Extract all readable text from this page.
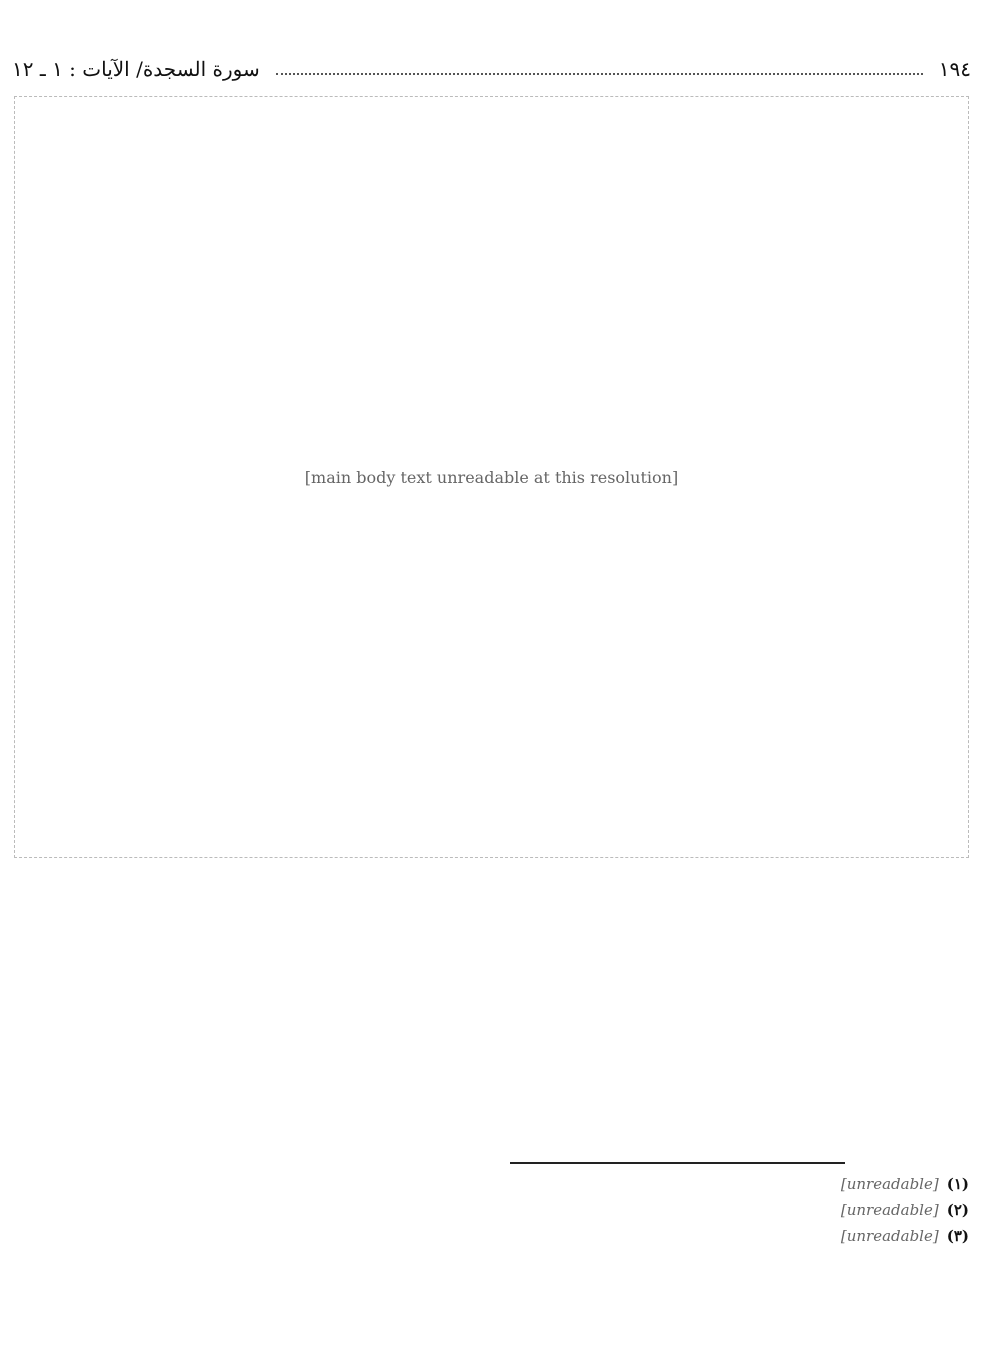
١٩٤
سورة السجدة/ الآيات : ١ ـ ١٢
[main body text unreadable at this resolution]
(١)
[unreadable]
(٢)
[unreadable]
(٣)
[unreadable]
